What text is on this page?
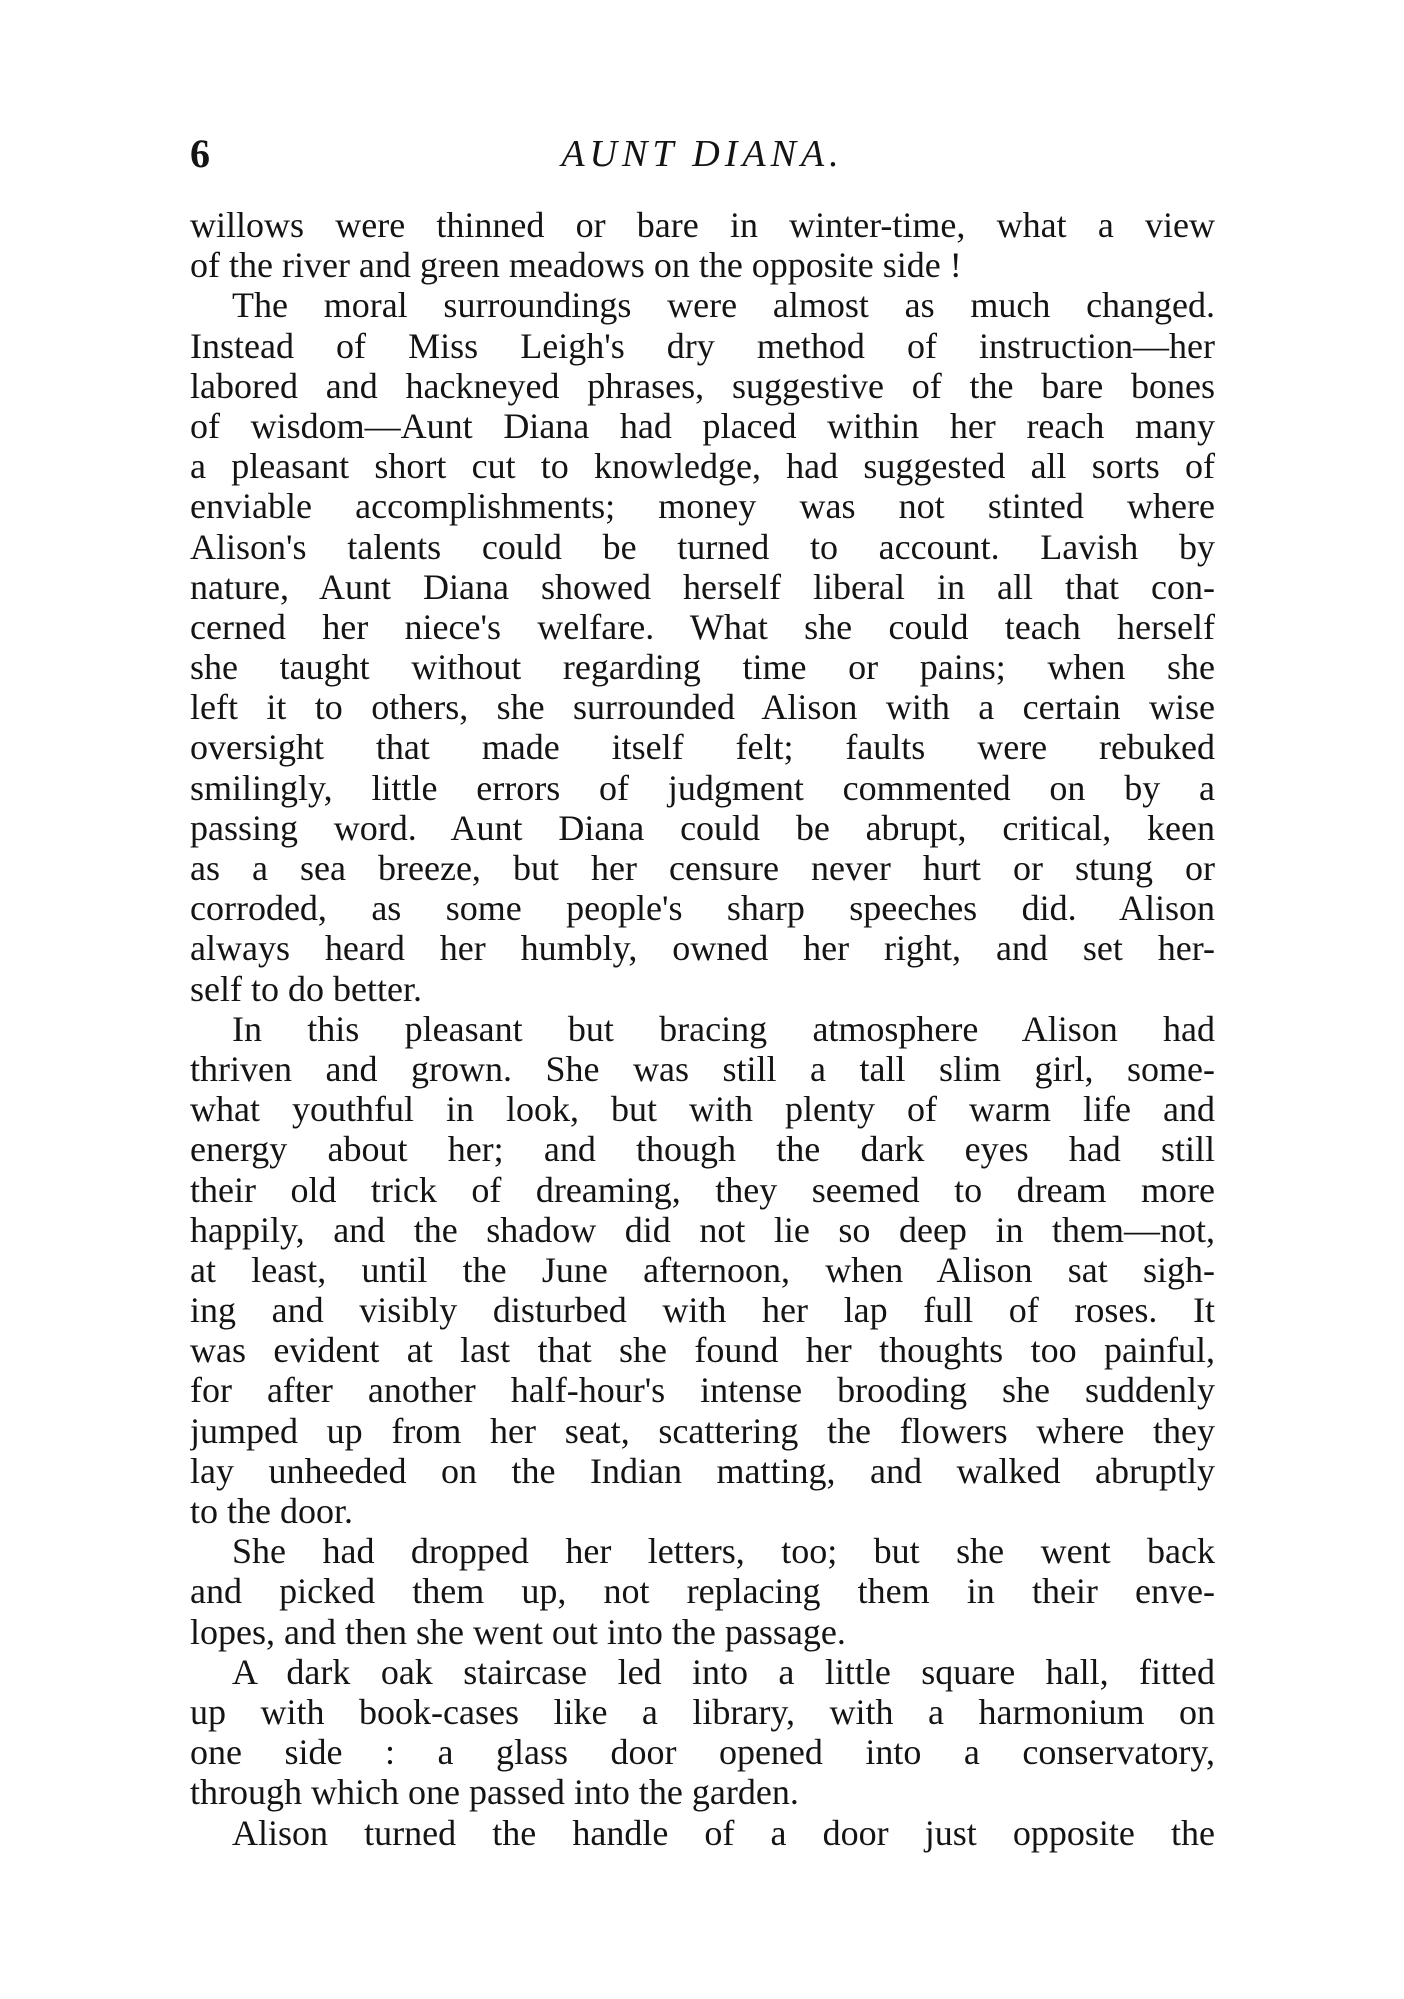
6	AUNT DIANA.

willows were thinned or bare in winter-time, what a view
of the river and green meadows on the opposite side !

The moral surroundings were almost as much changed.
Instead of Miss Leigh's dry method of instruction—her
labored and hackneyed phrases, suggestive of the bare bones
of wisdom—Aunt Diana had placed within her reach many
a pleasant short cut to knowledge, had suggested all sorts of
enviable accomplishments; money was not stinted where
Alison's talents could be turned to account. Lavish by
nature, Aunt Diana showed herself liberal in all that con-
cerned her niece's welfare. What she could teach herself
she taught without regarding time or pains; when she
left it to others, she surrounded Alison with a certain wise
oversight that made itself felt; faults were rebuked
smilingly, little errors of judgment commented on by a
passing word. Aunt Diana could be abrupt, critical, keen
as a sea breeze, but her censure never hurt or stung or
corroded, as some people's sharp speeches did. Alison
always heard her humbly, owned her right, and set her-
self to do better.

In this pleasant but bracing atmosphere Alison had
thriven and grown. She was still a tall slim girl, some-
what youthful in look, but with plenty of warm life and
energy about her; and though the dark eyes had still
their old trick of dreaming, they seemed to dream more
happily, and the shadow did not lie so deep in them—not,
at least, until the June afternoon, when Alison sat sigh-
ing and visibly disturbed with her lap full of roses. It
was evident at last that she found her thoughts too painful,
for after another half-hour's intense brooding she suddenly
jumped up from her seat, scattering the flowers where they
lay unheeded on the Indian matting, and walked abruptly
to the door.

She had dropped her letters, too; but she went back
and picked them up, not replacing them in their enve-
lopes, and then she went out into the passage.

A dark oak staircase led into a little square hall, fitted
up with book-cases like a library, with a harmonium on
one side : a glass door opened into a conservatory,
through which one passed into the garden.

Alison turned the handle of a door just opposite the
